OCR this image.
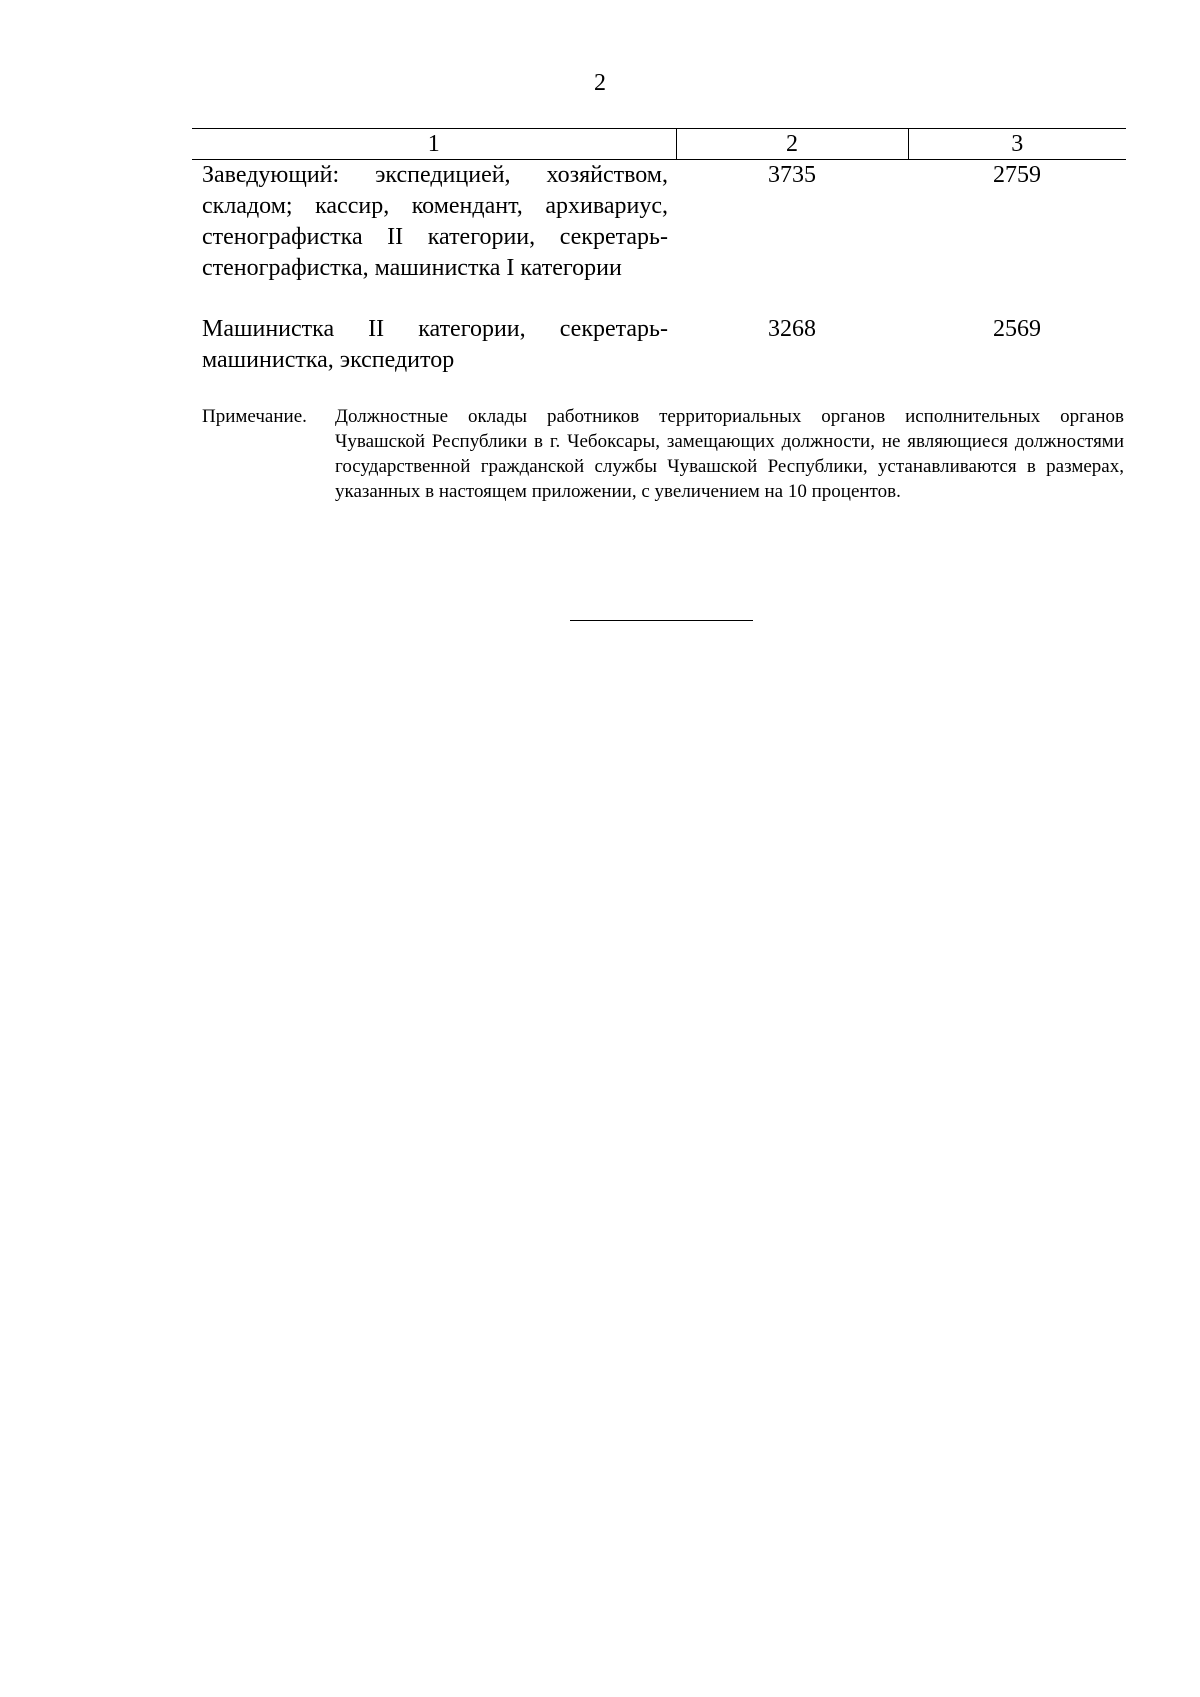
2
1	2	3
Заведующий: экспедицией, хозяйством, складом; кассир, комендант, архивариус, стенографистка II категории, секретарь-стенографистка, машинистка I категории	3735	2759
Машинистка II категории, секретарь-машинистка, экспедитор	3268	2569
Примечание. Должностные оклады работников территориальных органов исполнительных органов Чувашской Республики в г. Чебоксары, замещающих должности, не являющиеся должностями государственной гражданской службы Чувашской Республики, устанавливаются в размерах, указанных в настоящем приложении, с увеличением на 10 процентов.
